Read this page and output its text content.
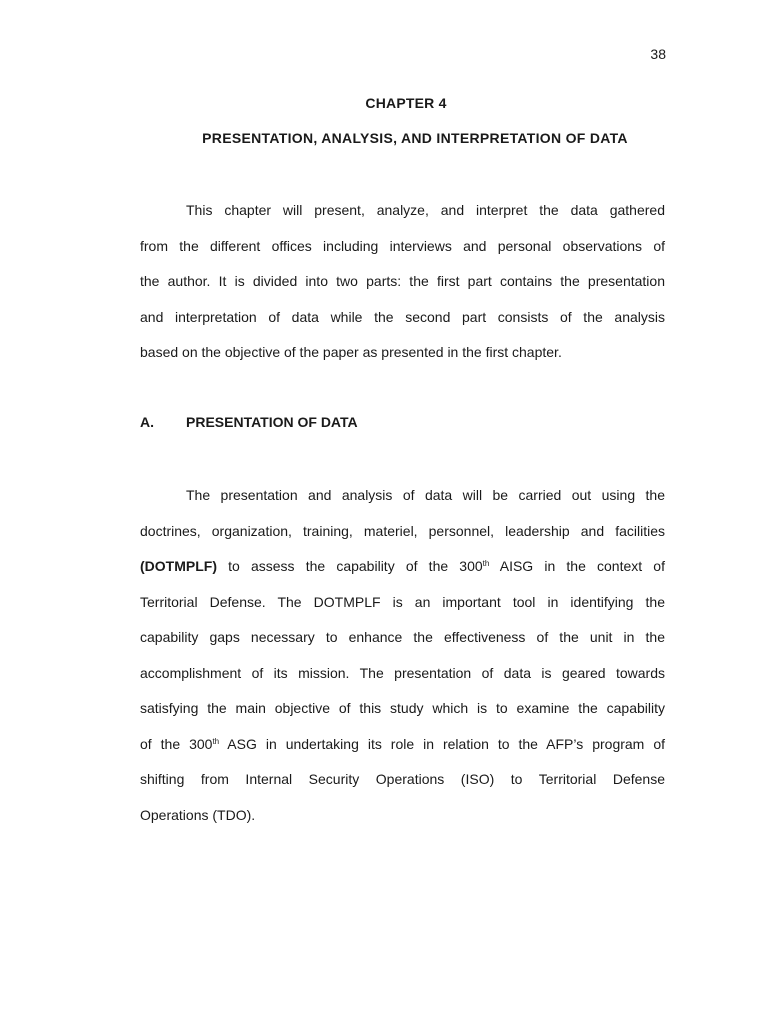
38
CHAPTER 4
PRESENTATION, ANALYSIS, AND INTERPRETATION OF DATA
This chapter will present, analyze, and interpret the data gathered
from the different offices including interviews and personal observations of
the author. It is divided into two parts: the first part contains the presentation
and interpretation of data while the second part consists of the analysis
based on the objective of the paper as presented in the first chapter.
A. PRESENTATION OF DATA
The presentation and analysis of data will be carried out using the
doctrines, organization, training, materiel, personnel, leadership and facilities
(DOTMPLF) to assess the capability of the 300th AISG in the context of
Territorial Defense. The DOTMPLF is an important tool in identifying the
capability gaps necessary to enhance the effectiveness of the unit in the
accomplishment of its mission. The presentation of data is geared towards
satisfying the main objective of this study which is to examine the capability
of the 300th ASG in undertaking its role in relation to the AFP’s program of
shifting from Internal Security Operations (ISO) to Territorial Defense
Operations (TDO).
